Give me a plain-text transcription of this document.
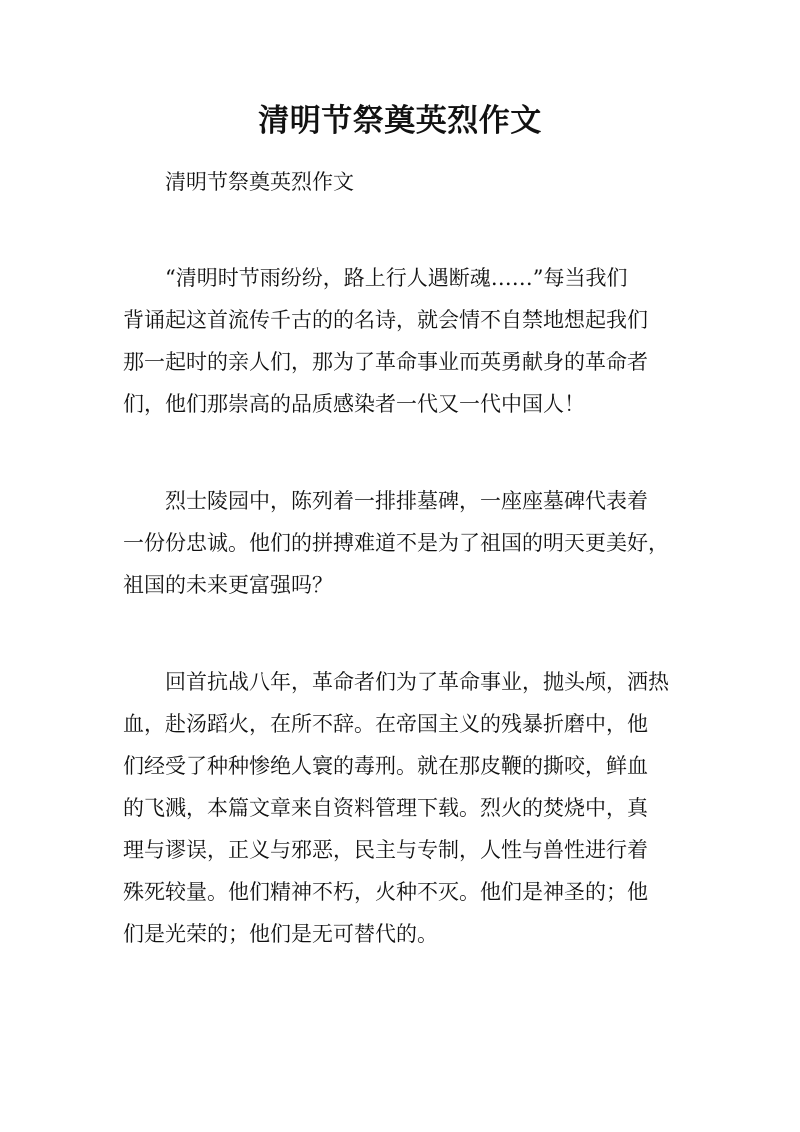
清明节祭奠英烈作文
清明节祭奠英烈作文
“清明时节雨纷纷，路上行人遇断魂……”每当我们
背诵起这首流传千古的的名诗，就会情不自禁地想起我们
那一起时的亲人们，那为了革命事业而英勇献身的革命者
们，他们那崇高的品质感染者一代又一代中国人！
烈士陵园中，陈列着一排排墓碑，一座座墓碑代表着
一份份忠诚。他们的拼搏难道不是为了祖国的明天更美好，
祖国的未来更富强吗？
回首抗战八年，革命者们为了革命事业，抛头颅，洒热
血，赴汤蹈火，在所不辞。在帝国主义的残暴折磨中，他
们经受了种种惨绝人寰的毒刑。就在那皮鞭的撕咬，鲜血
的飞溅，本篇文章来自资料管理下载。烈火的焚烧中，真
理与谬误，正义与邪恶，民主与专制，人性与兽性进行着
殊死较量。他们精神不朽，火种不灭。他们是神圣的；他
们是光荣的；他们是无可替代的。
